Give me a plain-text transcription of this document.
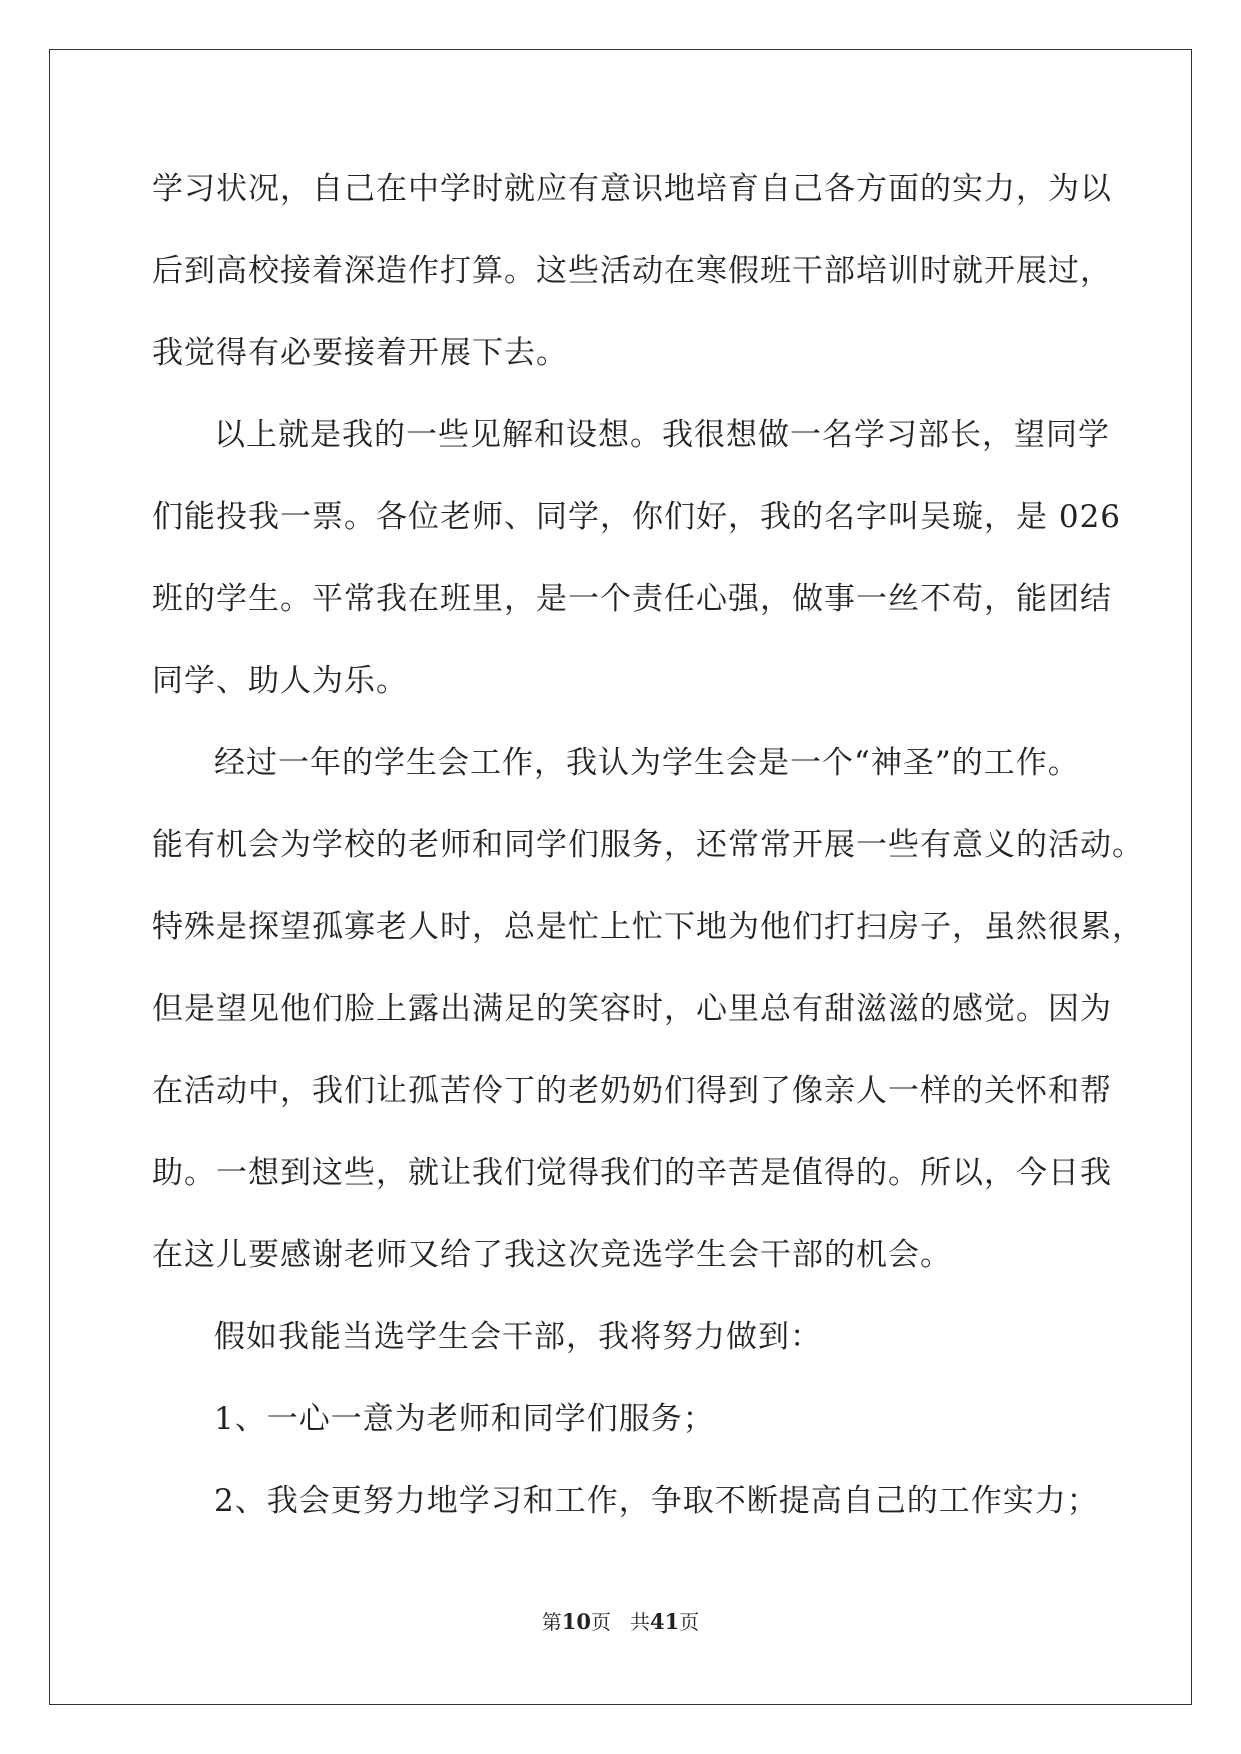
学习状况，自己在中学时就应有意识地培育自己各方面的实力，为以
后到高校接着深造作打算。这些活动在寒假班干部培训时就开展过，
我觉得有必要接着开展下去。
以上就是我的一些见解和设想。我很想做一名学习部长，望同学
们能投我一票。各位老师、同学，你们好，我的名字叫吴璇，是 026
班的学生。平常我在班里，是一个责任心强，做事一丝不苟，能团结
同学、助人为乐。
经过一年的学生会工作，我认为学生会是一个“神圣”的工作。
能有机会为学校的老师和同学们服务，还常常开展一些有意义的活动。
特殊是探望孤寡老人时，总是忙上忙下地为他们打扫房子，虽然很累，
但是望见他们脸上露出满足的笑容时，心里总有甜滋滋的感觉。因为
在活动中，我们让孤苦伶丁的老奶奶们得到了像亲人一样的关怀和帮
助。一想到这些，就让我们觉得我们的辛苦是值得的。所以，今日我
在这儿要感谢老师又给了我这次竞选学生会干部的机会。
假如我能当选学生会干部，我将努力做到：
1、一心一意为老师和同学们服务；
2、我会更努力地学习和工作，争取不断提高自己的工作实力；
第10页   共41页
